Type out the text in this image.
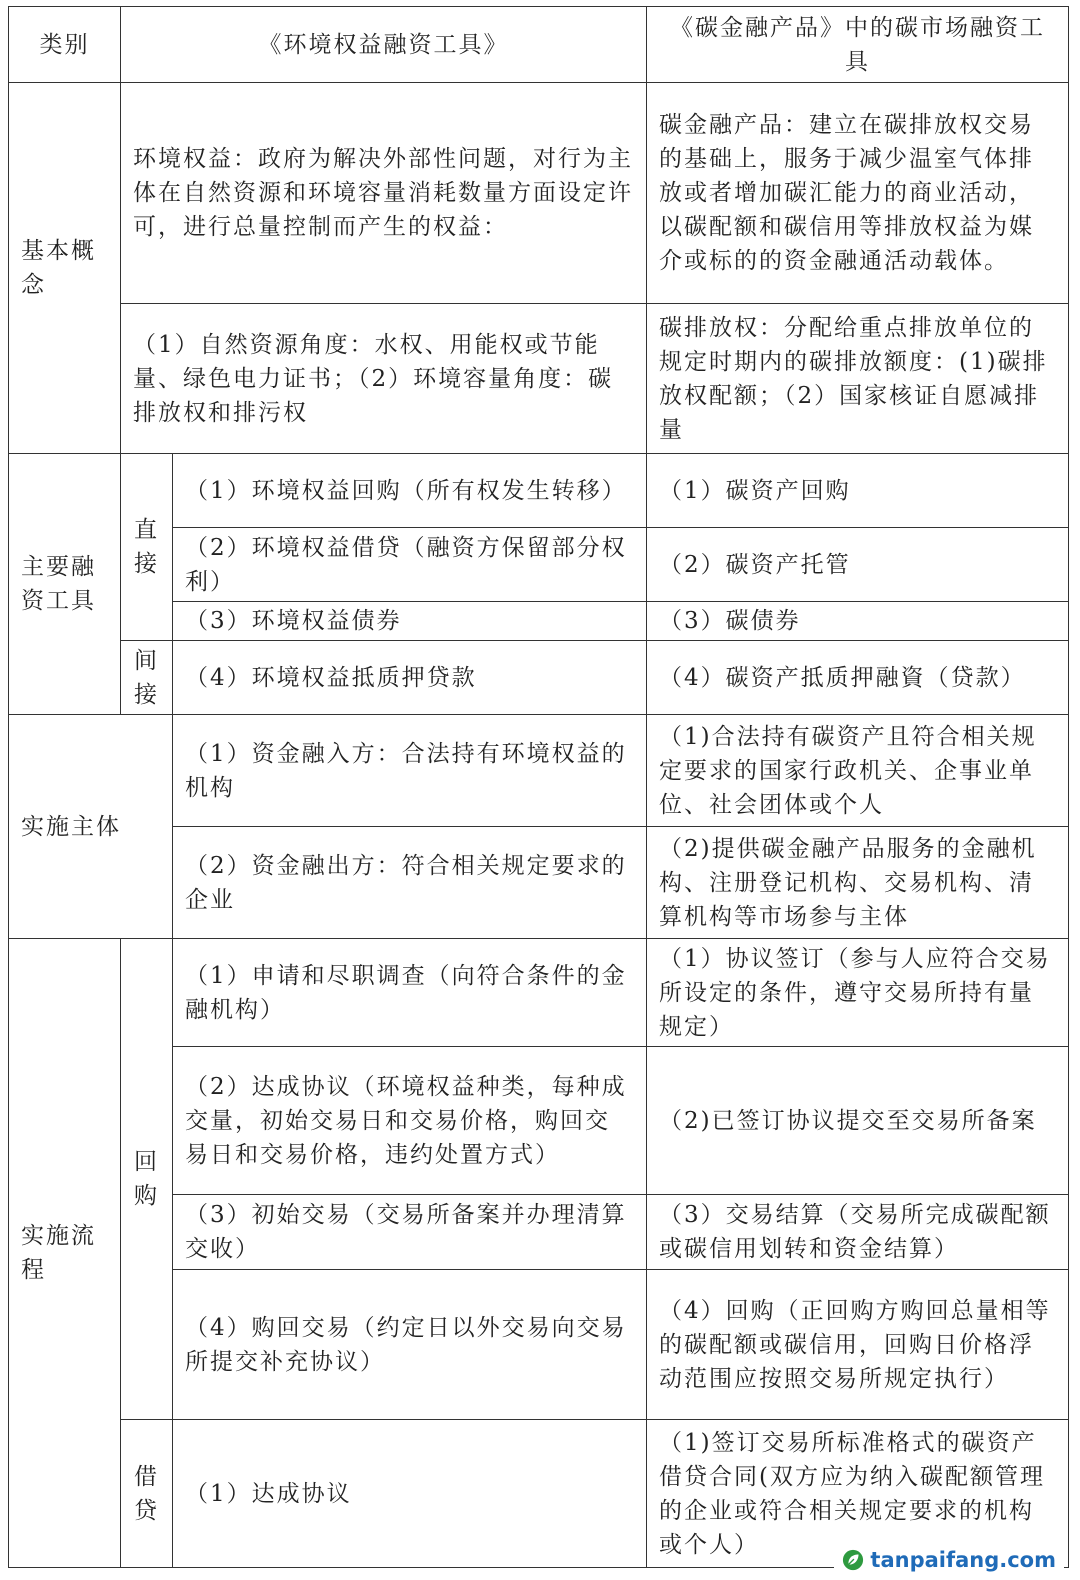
类别	《环境权益融资工具》		《碳金融产品》中的碳市场融资工具
基本概念	环境权益：政府为解决外部性问题，对行为主体在自然资源和环境容量消耗数量方面设定许可，进行总量控制而产生的权益：		碳金融产品：建立在碳排放权交易的基础上，服务于减少温室气体排放或者增加碳汇能力的商业活动，以碳配额和碳信用等排放权益为媒介或标的的资金融通活动载体。
	（1）自然资源角度：水权、用能权或节能量、绿色电力证书；（2）环境容量角度：碳排放权和排污权		碳排放权：分配给重点排放单位的规定时期内的碳排放额度：(1)碳排放权配额；（2）国家核证自愿减排量
主要融资工具	直接	（1）环境权益回购（所有权发生转移）	（1）碳资产回购
		（2）环境权益借贷（融资方保留部分权利）	（2）碳资产托管
		（3）环境权益债券	（3）碳债券
	间接	（4）环境权益抵质押贷款	（4）碳资产抵质押融資（贷款）
实施主体		（1）资金融入方：合法持有环境权益的机构	（1)合法持有碳资产且符合相关规定要求的国家行政机关、企事业单位、社会团体或个人
		（2）资金融出方：符合相关规定要求的企业	（2)提供碳金融产品服务的金融机构、注册登记机构、交易机构、清算机构等市场参与主体
实施流程	回购	（1）申请和尽职调查（向符合条件的金融机构）	（1）协议签订（参与人应符合交易所设定的条件，遵守交易所持有量规定）
		（2）达成协议（环境权益种类，每种成交量，初始交易日和交易价格，购回交易日和交易价格，违约处置方式）	（2)已签订协议提交至交易所备案
		（3）初始交易（交易所备案并办理清算交收）	（3）交易结算（交易所完成碳配额或碳信用划转和资金结算）
		（4）购回交易（约定日以外交易向交易所提交补充协议）	（4）回购（正回购方购回总量相等的碳配额或碳信用，回购日价格浮动范围应按照交易所规定执行）
	借贷	（1）达成协议	（1)签订交易所标准格式的碳资产借贷合同(双方应为纳入碳配额管理的企业或符合相关规定要求的机构或个人）
tanpaifang.com
